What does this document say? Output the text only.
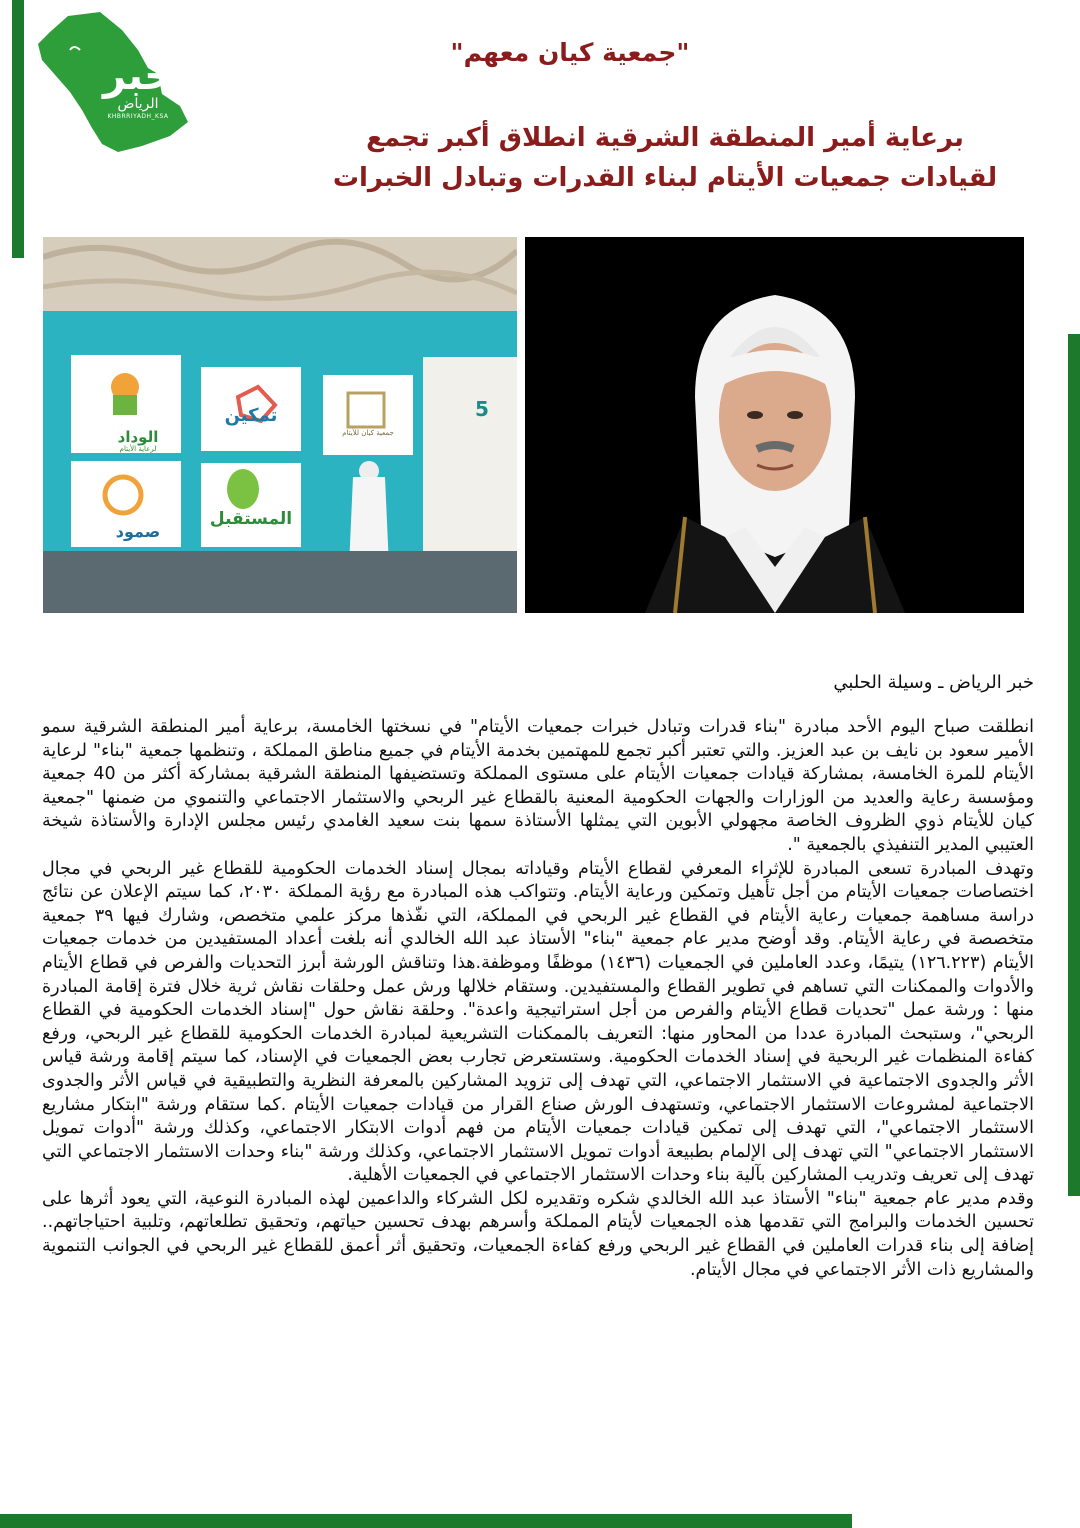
خبر
الرياض
KHBRRIYADH_KSA
"جمعية كيان معهم"
برعاية أمير المنطقة الشرقية انطلاق أكبر تجمع لقيادات جمعيات الأيتام لبناء القدرات وتبادل الخبرات
الوداد
لرعاية الأيتام
تمكين
جمعية كيان للأيتام
صمود
المستقبل
5
خبر الرياض ـ وسيلة الحلبي

انطلقت صباح اليوم الأحد مبادرة "بناء قدرات وتبادل خبرات جمعيات الأيتام" في نسختها الخامسة، برعاية أمير المنطقة الشرقية سمو الأمير سعود بن نايف بن عبد العزيز. والتي تعتبر أكبر تجمع للمهتمين بخدمة الأيتام في جميع مناطق المملكة ، وتنظمها جمعية "بناء" لرعاية الأيتام للمرة الخامسة، بمشاركة قيادات جمعيات الأيتام على مستوى المملكة وتستضيفها المنطقة الشرقية بمشاركة أكثر من 40 جمعية ومؤسسة رعاية والعديد من الوزارات والجهات الحكومية المعنية بالقطاع غير الربحي والاستثمار الاجتماعي والتنموي من ضمنها "جمعية كيان للأيتام ذوي الظروف الخاصة مجهولي الأبوين التي يمثلها الأستاذة سمها بنت سعيد الغامدي رئيس مجلس الإدارة والأستاذة شيخة العتيبي المدير التنفيذي بالجمعية ".

وتهدف المبادرة تسعى المبادرة للإثراء المعرفي لقطاع الأيتام وقياداته بمجال إسناد الخدمات الحكومية للقطاع غير الربحي في مجال اختصاصات جمعيات الأيتام من أجل تأهيل وتمكين ورعاية الأيتام. وتتواكب هذه المبادرة مع رؤية المملكة ٢٠٣٠، كما سيتم الإعلان عن نتائج دراسة مساهمة جمعيات رعاية الأيتام في القطاع غير الربحي في المملكة، التي نفّذها مركز علمي متخصص، وشارك فيها ٣٩ جمعية متخصصة في رعاية الأيتام. وقد أوضح مدير عام جمعية "بناء" الأستاذ عبد الله الخالدي أنه بلغت أعداد المستفيدين من خدمات جمعيات الأيتام (١٢٦.٢٢٣) يتيمًا، وعدد العاملين في الجمعيات (١٤٣٦) موظفًا وموظفة.هذا وتناقش الورشة أبرز التحديات والفرص في قطاع الأيتام والأدوات والممكنات التي تساهم في تطوير القطاع والمستفيدين. وستقام خلالها ورش عمل وحلقات نقاش ثرية خلال فترة إقامة المبادرة منها : ورشة عمل "تحديات قطاع الأيتام والفرص من أجل استراتيجية واعدة". وحلقة نقاش حول "إسناد الخدمات الحكومية في القطاع الربحي"، وستبحث المبادرة عددا من المحاور منها: التعريف بالممكنات التشريعية لمبادرة الخدمات الحكومية للقطاع غير الربحي، ورفع كفاءة المنظمات غير الربحية في إسناد الخدمات الحكومية. وستستعرض تجارب بعض الجمعيات في الإسناد، كما سيتم إقامة ورشة قياس الأثر والجدوى الاجتماعية في الاستثمار الاجتماعي، التي تهدف إلى تزويد المشاركين بالمعرفة النظرية والتطبيقية في قياس الأثر والجدوى الاجتماعية لمشروعات الاستثمار الاجتماعي، وتستهدف الورش صناع القرار من قيادات جمعيات الأيتام .كما ستقام ورشة "ابتكار مشاريع الاستثمار الاجتماعي"، التي تهدف إلى تمكين قيادات جمعيات الأيتام من فهم أدوات الابتكار الاجتماعي، وكذلك ورشة "أدوات تمويل الاستثمار الاجتماعي" التي تهدف إلى الإلمام بطبيعة أدوات تمويل الاستثمار الاجتماعي، وكذلك ورشة "بناء وحدات الاستثمار الاجتماعي التي تهدف إلى تعريف وتدريب المشاركين بآلية بناء وحدات الاستثمار الاجتماعي في الجمعيات الأهلية.

وقدم مدير عام جمعية "بناء" الأستاذ عبد الله الخالدي شكره وتقديره لكل الشركاء والداعمين لهذه المبادرة النوعية، التي يعود أثرها على تحسين الخدمات والبرامج التي تقدمها هذه الجمعيات لأيتام المملكة وأسرهم بهدف تحسين حياتهم، وتحقيق تطلعاتهم، وتلبية احتياجاتهم.. إضافة إلى بناء قدرات العاملين في القطاع غير الربحي ورفع كفاءة الجمعيات، وتحقيق أثر أعمق للقطاع غير الربحي في الجوانب التنموية والمشاريع ذات الأثر الاجتماعي في مجال الأيتام.
